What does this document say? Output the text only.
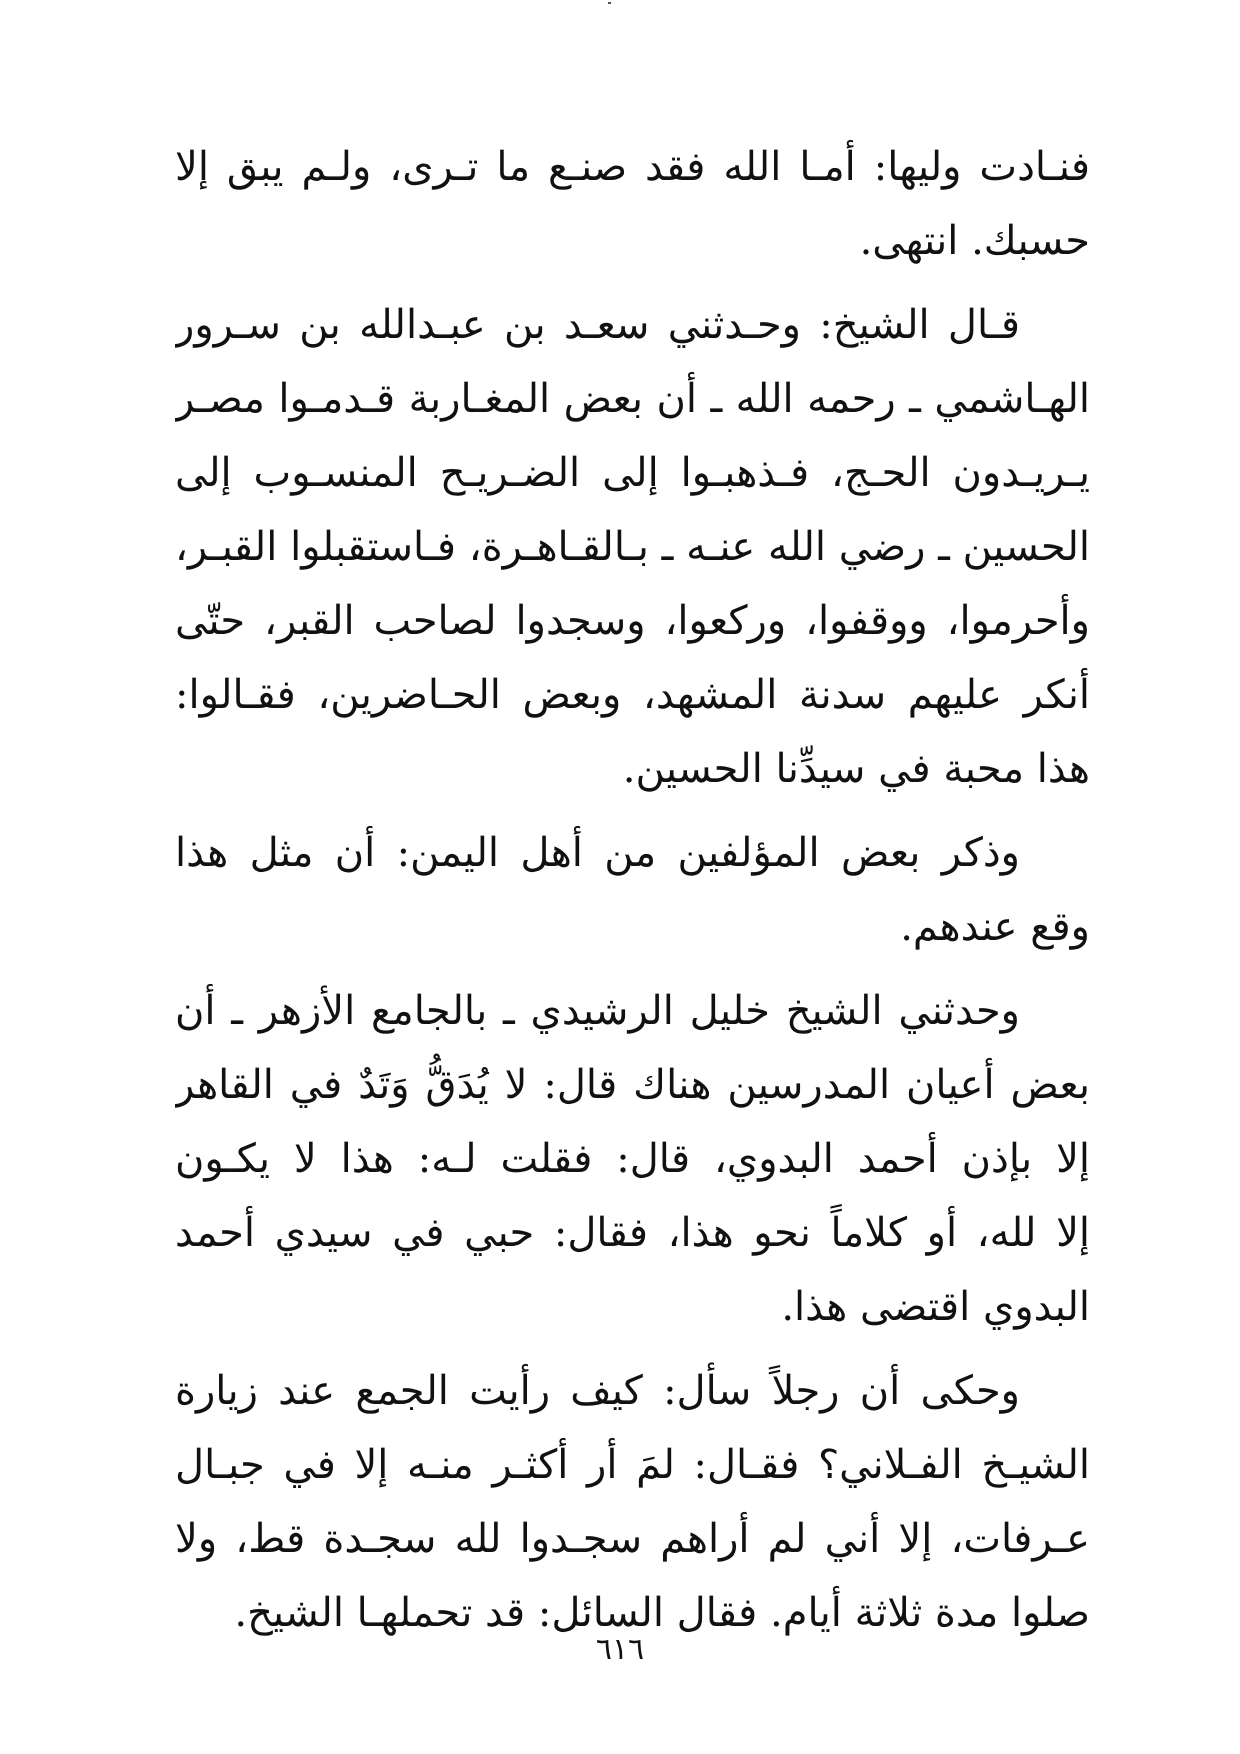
فنـادت وليها: أمـا الله فقد صنـع ما تـرى، ولـم يبق إلا
حسبك. انتهى.
قـال الشيخ: وحـدثني سعـد بن عبـدالله بن سـرور
الهـاشمي ـ رحمه الله ـ أن بعض المغـاربة قـدمـوا مصـر
يـريـدون الحـج، فـذهبـوا إلى الضـريـح المنسـوب إلى
الحسين ـ رضي الله عنـه ـ بـالقـاهـرة، فـاستقبلوا القبـر،
وأحرموا، ووقفوا، وركعوا، وسجدوا لصاحب القبر، حتّى
أنكر عليهم سدنة المشهد، وبعض الحـاضرين، فقـالوا:
هذا محبة في سيدِّنا الحسين.
وذكر بعض المؤلفين من أهل اليمن: أن مثل هذا
وقع عندهم.
وحدثني الشيخ خليل الرشيدي ـ بالجامع الأزهر ـ أن
بعض أعيان المدرسين هناك قال: لا يُدَقُّ وَتَدٌ في القاهر
إلا بإذن أحمد البدوي، قال: فقلت لـه: هذا لا يكـون
إلا لله، أو كلاماً نحو هذا، فقال: حبي في سيدي أحمد
البدوي اقتضى هذا.
وحكى أن رجلاً سأل: كيف رأيت الجمع عند زيارة
الشيـخ الفـلاني؟ فقـال: لمَ أر أكثـر منـه إلا في جبـال
عـرفات، إلا أني لم أراهم سجـدوا لله سجـدة قط، ولا
صلوا مدة ثلاثة أيام. فقال السائل: قد تحملهـا الشيخ.
٦١٦
